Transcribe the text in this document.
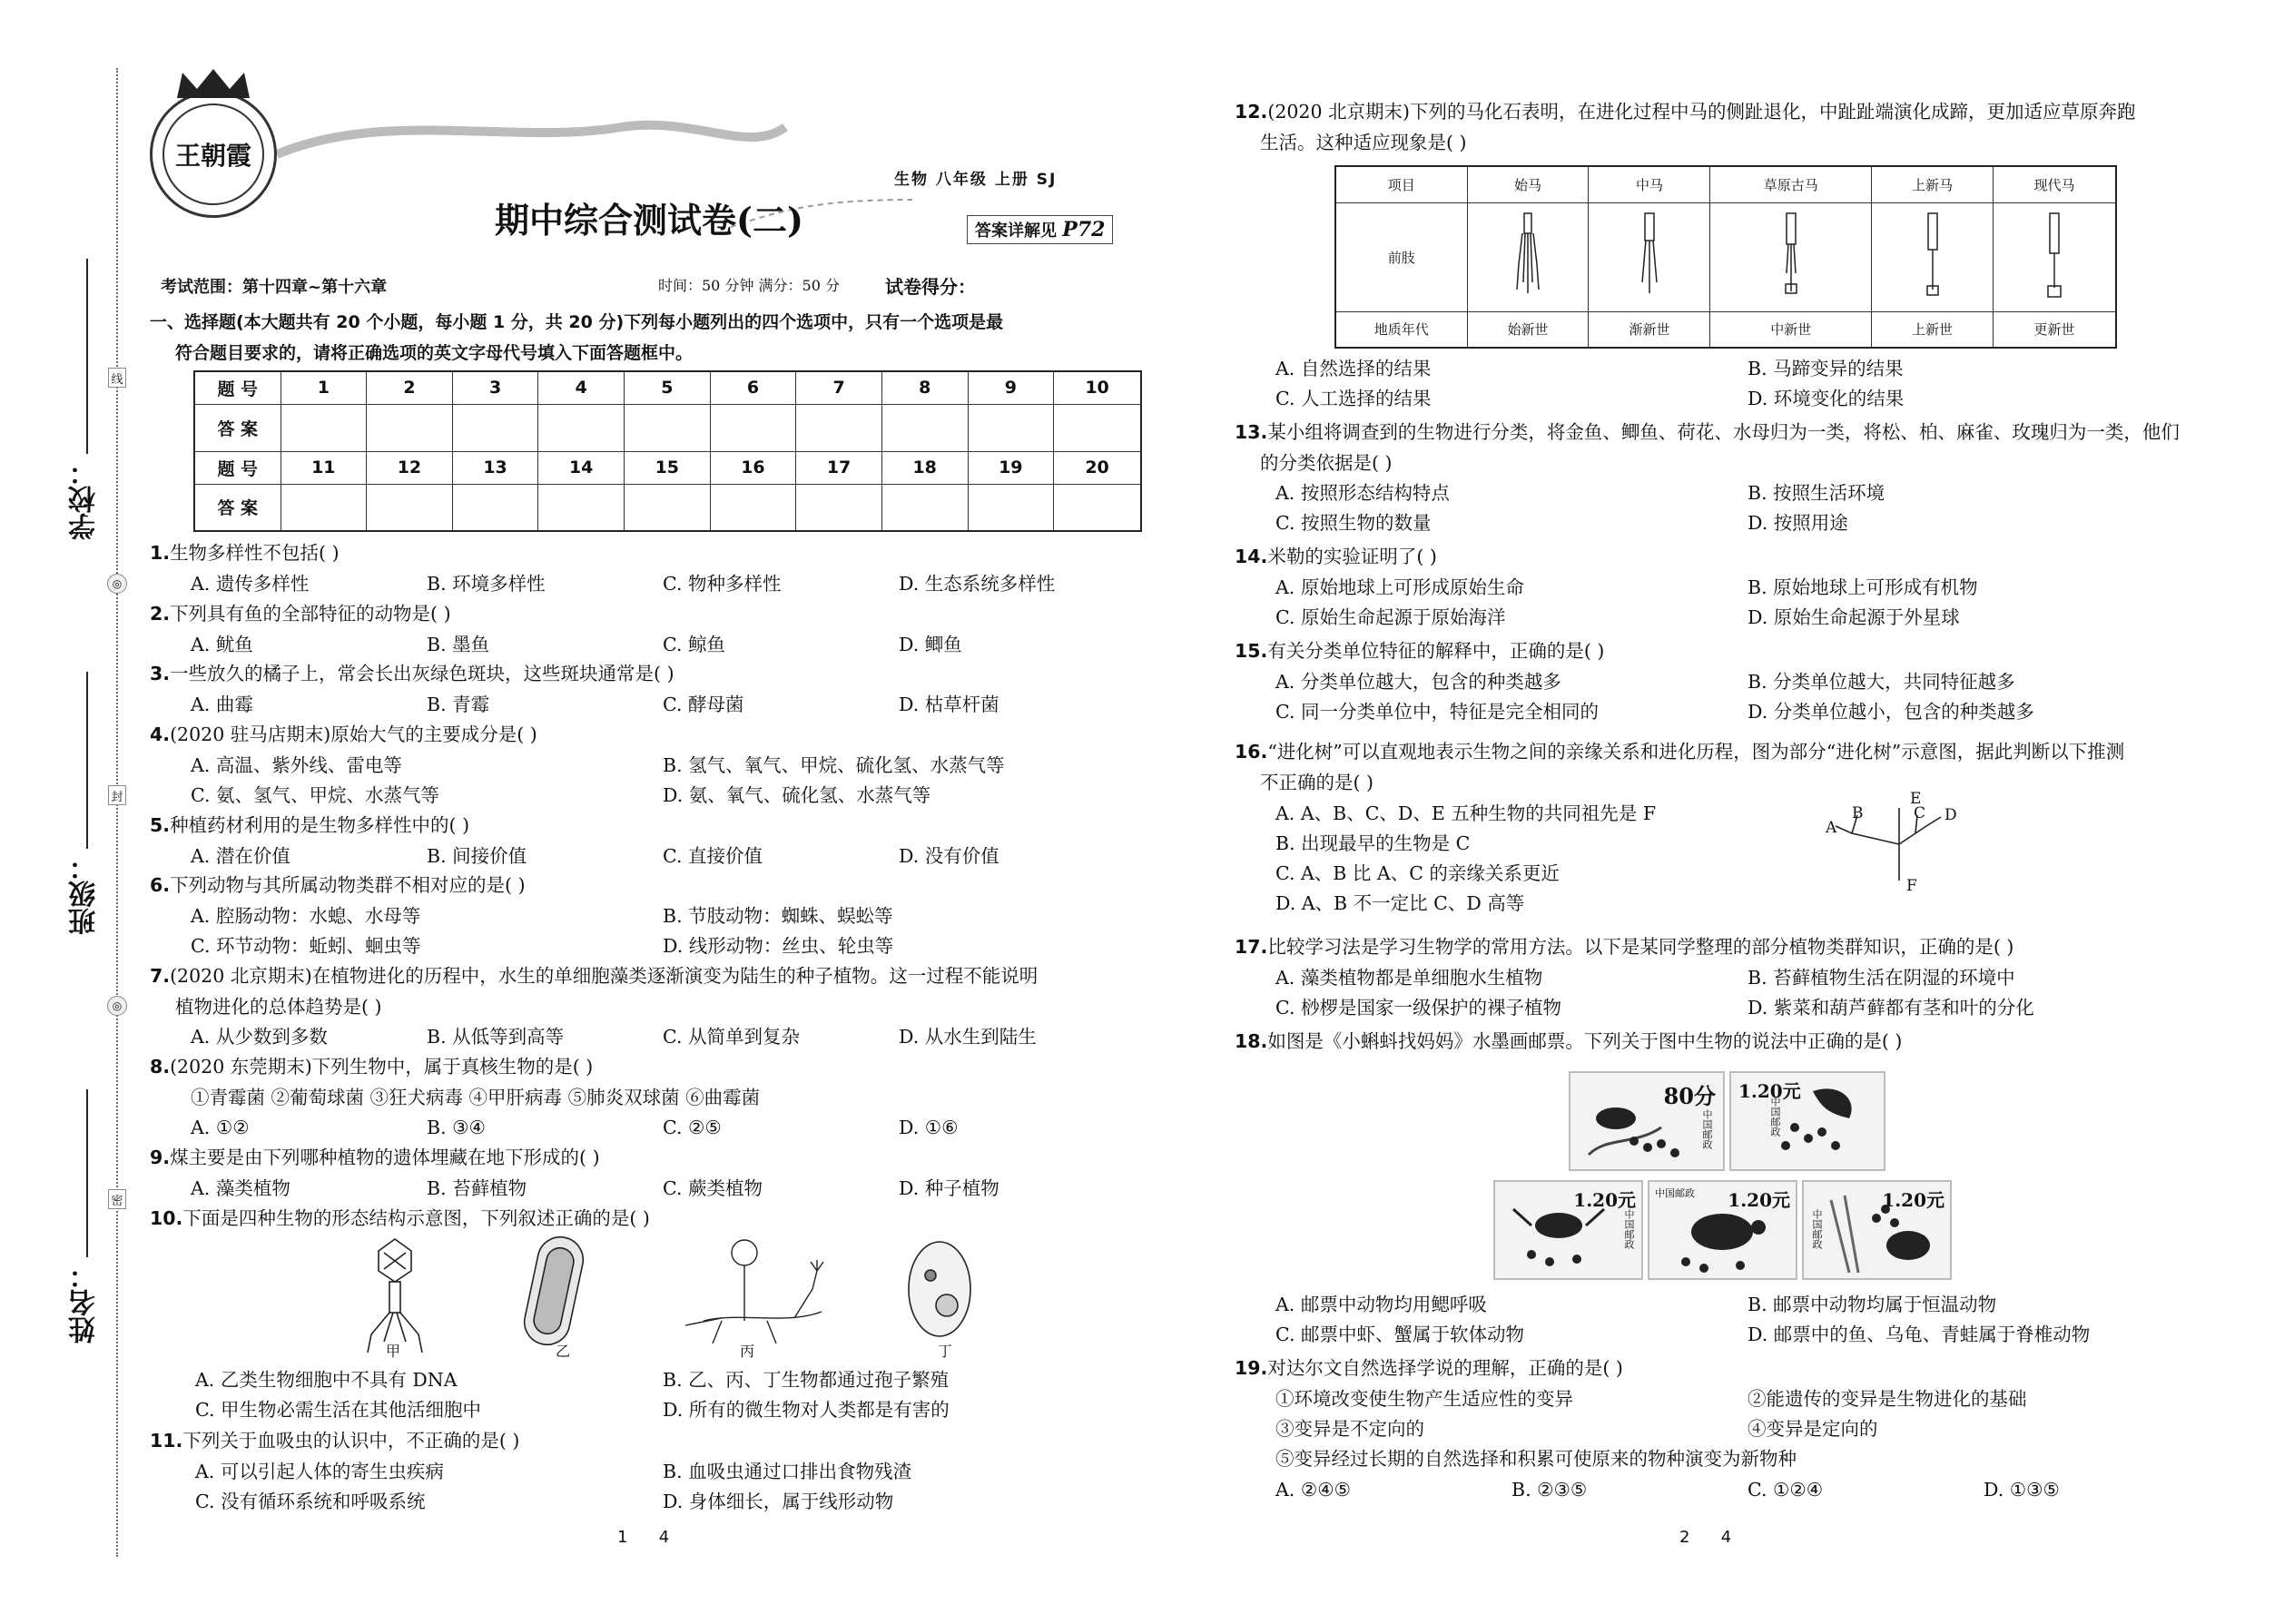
学校：
班级：
姓名：
线
封
密
◎
◎
王朝霞
生物 八年级 上册 SJ
期中综合测试卷(二)	答案详解见 P72
考试范围：第十四章~第十六章	时间：50 分钟 满分：50 分	试卷得分：
一、选择题(本大题共有 20 个小题，每小题 1 分，共 20 分)下列每小题列出的四个选项中，只有一个选项是最
符合题目要求的，请将正确选项的英文字母代号填入下面答题框中。
题 号	1	2	3	4	5	6	7	8	9	10
答 案										
题 号	11	12	13	14	15	16	17	18	19	20
答 案										
1.生物多样性不包括( )
A. 遗传多样性	B. 环境多样性	C. 物种多样性	D. 生态系统多样性
2.下列具有鱼的全部特征的动物是( )
A. 鱿鱼	B. 墨鱼	C. 鲸鱼	D. 鲫鱼
3.一些放久的橘子上，常会长出灰绿色斑块，这些斑块通常是( )
A. 曲霉	B. 青霉	C. 酵母菌	D. 枯草杆菌
4.(2020 驻马店期末)原始大气的主要成分是( )
A. 高温、紫外线、雷电等	B. 氢气、氧气、甲烷、硫化氢、水蒸气等
C. 氨、氢气、甲烷、水蒸气等	D. 氨、氧气、硫化氢、水蒸气等
5.种植药材利用的是生物多样性中的( )
A. 潜在价值	B. 间接价值	C. 直接价值	D. 没有价值
6.下列动物与其所属动物类群不相对应的是( )
A. 腔肠动物：水螅、水母等	B. 节肢动物：蜘蛛、蜈蚣等
C. 环节动物：蚯蚓、蛔虫等	D. 线形动物：丝虫、轮虫等
7.(2020 北京期末)在植物进化的历程中，水生的单细胞藻类逐渐演变为陆生的种子植物。这一过程不能说明
植物进化的总体趋势是( )
A. 从少数到多数	B. 从低等到高等	C. 从简单到复杂	D. 从水生到陆生
8.(2020 东莞期末)下列生物中，属于真核生物的是( )
①青霉菌 ②葡萄球菌 ③狂犬病毒 ④甲肝病毒 ⑤肺炎双球菌 ⑥曲霉菌
A. ①②	B. ③④	C. ②⑤	D. ①⑥
9.煤主要是由下列哪种植物的遗体埋藏在地下形成的( )
A. 藻类植物	B. 苔藓植物	C. 蕨类植物	D. 种子植物
10.下面是四种生物的形态结构示意图，下列叙述正确的是( )
甲	乙	丙	丁
A. 乙类生物细胞中不具有 DNA	B. 乙、丙、丁生物都通过孢子繁殖
C. 甲生物必需生活在其他活细胞中	D. 所有的微生物对人类都是有害的
11.下列关于血吸虫的认识中，不正确的是( )
A. 可以引起人体的寄生虫疾病	B. 血吸虫通过口排出食物残渣
C. 没有循环系统和呼吸系统	D. 身体细长，属于线形动物
1      4
12.(2020 北京期末)下列的马化石表明，在进化过程中马的侧趾退化，中趾趾端演化成蹄，更加适应草原奔跑
生活。这种适应现象是( )
项目	始马	中马	草原古马	上新马	现代马
前肢					
地质年代	始新世	渐新世	中新世	上新世	更新世
A. 自然选择的结果	B. 马蹄变异的结果
C. 人工选择的结果	D. 环境变化的结果
13.某小组将调查到的生物进行分类，将金鱼、鲫鱼、荷花、水母归为一类，将松、柏、麻雀、玫瑰归为一类，他们
的分类依据是( )
A. 按照形态结构特点	B. 按照生活环境
C. 按照生物的数量	D. 按照用途
14.米勒的实验证明了( )
A. 原始地球上可形成原始生命	B. 原始地球上可形成有机物
C. 原始生命起源于原始海洋	D. 原始生命起源于外星球
15.有关分类单位特征的解释中，正确的是( )
A. 分类单位越大，包含的种类越多	B. 分类单位越大，共同特征越多
C. 同一分类单位中，特征是完全相同的	D. 分类单位越小，包含的种类越多
16.“进化树”可以直观地表示生物之间的亲缘关系和进化历程，图为部分“进化树”示意图，据此判断以下推测
不正确的是( )
A. A、B、C、D、E 五种生物的共同祖先是 F
B. 出现最早的生物是 C
C. A、B 比 A、C 的亲缘关系更近
D. A、B 不一定比 C、D 高等
A
B	C D
E
F
17.比较学习法是学习生物学的常用方法。以下是某同学整理的部分植物类群知识，正确的是( )
A. 藻类植物都是单细胞水生植物	B. 苔藓植物生活在阴湿的环境中
C. 桫椤是国家一级保护的裸子植物	D. 紫菜和葫芦藓都有茎和叶的分化
18.如图是《小蝌蚪找妈妈》水墨画邮票。下列关于图中生物的说法中正确的是( )
80分
中国邮政
1.20元
中国邮政
1.20元
中国邮政
1.20元
中国邮政	1.20元
中国邮政
A. 邮票中动物均用鳃呼吸	B. 邮票中动物均属于恒温动物
C. 邮票中虾、蟹属于软体动物	D. 邮票中的鱼、乌龟、青蛙属于脊椎动物
19.对达尔文自然选择学说的理解，正确的是( )
①环境改变使生物产生适应性的变异	②能遗传的变异是生物进化的基础
③变异是不定向的	④变异是定向的
⑤变异经过长期的自然选择和积累可使原来的物种演变为新物种
A. ②④⑤	B. ②③⑤	C. ①②④	D. ①③⑤
2      4
